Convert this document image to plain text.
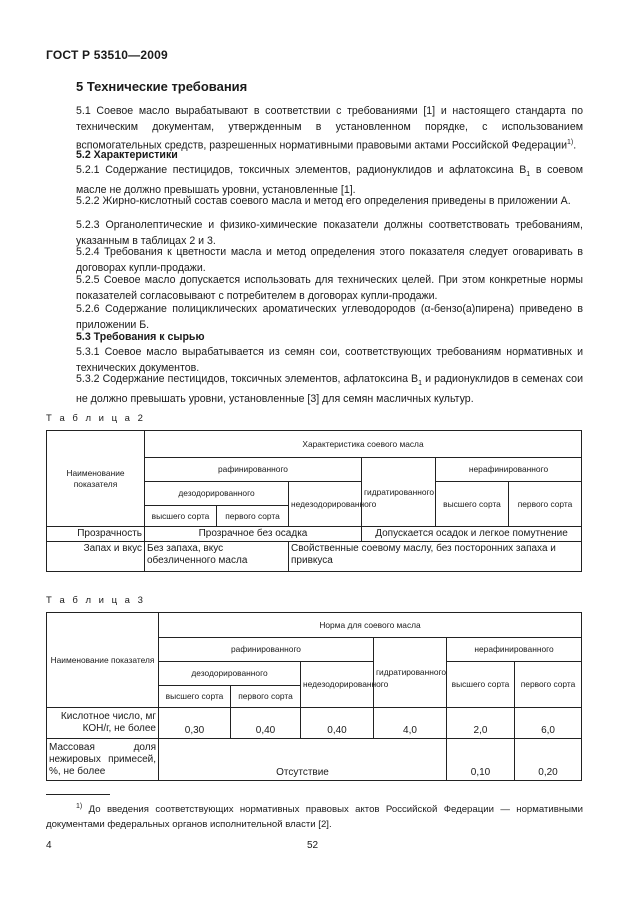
ГОСТ Р 53510—2009
5 Технические требования
5.1 Соевое масло вырабатывают в соответствии с требованиями [1] и настоящего стандарта по техническим документам, утвержденным в установленном порядке, с использованием вспомогательных средств, разрешенных нормативными правовыми актами Российской Федерации$^{1)}$.
5.2 Характеристики
5.2.1 Содержание пестицидов, токсичных элементов, радионуклидов и афлатоксина $B_1$ в соевом масле не должно превышать уровни, установленные [1].
5.2.2 Жирно-кислотный состав соевого масла и метод его определения приведены в приложении А.
5.2.3 Органолептические и физико-химические показатели должны соответствовать требованиям, указанным в таблицах 2 и 3.
5.2.4 Требования к цветности масла и метод определения этого показателя следует оговаривать в договорах купли-продажи.
5.2.5 Соевое масло допускается использовать для технических целей. При этом конкретные нормы показателей согласовывают с потребителем в договорах купли-продажи.
5.2.6 Содержание полициклических ароматических углеводородов (α-бензо(а)пирена) приведено в приложении Б.
5.3 Требования к сырью
5.3.1 Соевое масло вырабатывается из семян сои, соответствующих требованиям нормативных и технических документов.
5.3.2 Содержание пестицидов, токсичных элементов, афлатоксина $B_1$ и радионуклидов в семенах сои не должно превышать уровни, установленные [3] для семян масличных культур.
Т а б л и ц а 2
Наименование показателя	Характеристика соевого масла					
	рафинированного			гидратированного	нерафинированного	
	дезодорированного		недезодорированного		высшего сорта	первого сорта
	высшего сорта	первого сорта				
Прозрачность	Прозрачное без осадка			Допускается осадок и легкое помутнение		
Запах и вкус	Без запаха, вкус обезличенного масла		Свойственные соевому маслу, без посторонних запаха и привкуса			
Т а б л и ц а 3
Наименование показателя	Норма для соевого масла					
	рафинированного			гидратированного	нерафинированного	
	дезодорированного		недезодорированного		высшего сорта	первого сорта
	высшего сорта	первого сорта				
Кислотное число, мг КОН/г, не более	0,30	0,40	0,40	4,0	2,0	6,0
Массовая доля нежировых примесей, %, не более	Отсутствие				0,10	0,20
$^{1)}$ До введения соответствующих нормативных правовых актов Российской Федерации — нормативными документами федеральных органов исполнительной власти [2].
4	52
